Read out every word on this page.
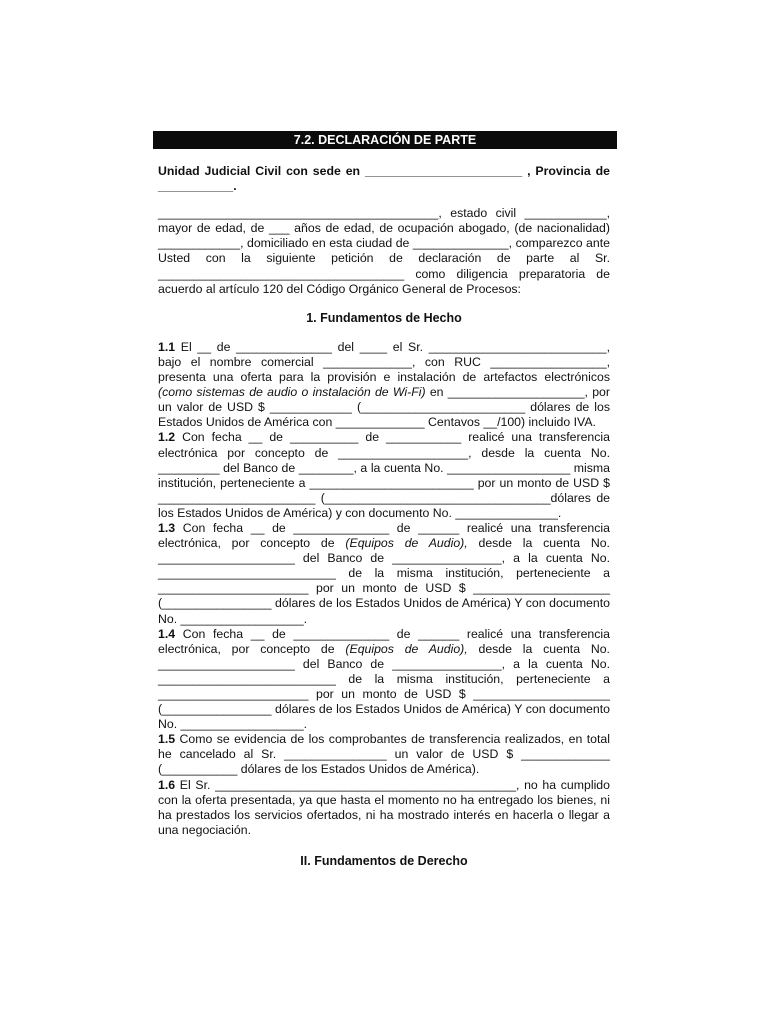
7.2. DECLARACIÓN DE PARTE

Unidad Judicial Civil con sede en _______________________ , Provincia de ___________.

_________________________________________, estado civil ____________, mayor de edad, de ___ años de edad, de ocupación abogado, (de nacionalidad) ____________, domiciliado en esta ciudad de ______________, comparezco ante Usted con la siguiente petición de declaración de parte al Sr. ____________________________________ como diligencia preparatoria de acuerdo al artículo 120 del Código Orgánico General de Procesos:

1. Fundamentos de Hecho

1.1 El __ de ______________ del ____ el Sr. __________________________, bajo el nombre comercial _____________, con RUC _________________, presenta una oferta para la provisión e instalación de artefactos electrónicos (como sistemas de audio o instalación de Wi-Fi) en ____________________, por un valor de USD $ ____________ (________________________ dólares de los Estados Unidos de América con _____________ Centavos __/100) incluido IVA.

1.2 Con fecha __ de __________ de ___________ realicé una transferencia electrónica por concepto de ___________________, desde la cuenta No. _________ del Banco de ________, a la cuenta No. __________________ misma institución, perteneciente a ________________________ por un monto de USD $ _______________________ (_________________________________dólares de los Estados Unidos de América) y con documento No. _______________.

1.3 Con fecha __ de ______________ de ______ realicé una transferencia electrónica, por concepto de (Equipos de Audio), desde la cuenta No. ____________________ del Banco de ________________, a la cuenta No. __________________________ de la misma institución, perteneciente a ______________________ por un monto de USD $ ____________________ (________________ dólares de los Estados Unidos de América) Y con documento No. __________________.

1.4 Con fecha __ de ______________ de ______ realicé una transferencia electrónica, por concepto de (Equipos de Audio), desde la cuenta No. ____________________ del Banco de ________________, a la cuenta No. __________________________ de la misma institución, perteneciente a ______________________ por un monto de USD $ ____________________ (________________ dólares de los Estados Unidos de América) Y con documento No. __________________.

1.5 Como se evidencia de los comprobantes de transferencia realizados, en total he cancelado al Sr. _______________ un valor de USD $ _____________ (___________ dólares de los Estados Unidos de América).

1.6 El Sr. ____________________________________________, no ha cumplido con la oferta presentada, ya que hasta el momento no ha entregado los bienes, ni ha prestados los servicios ofertados, ni ha mostrado interés en hacerla o llegar a una negociación.

II. Fundamentos de Derecho
